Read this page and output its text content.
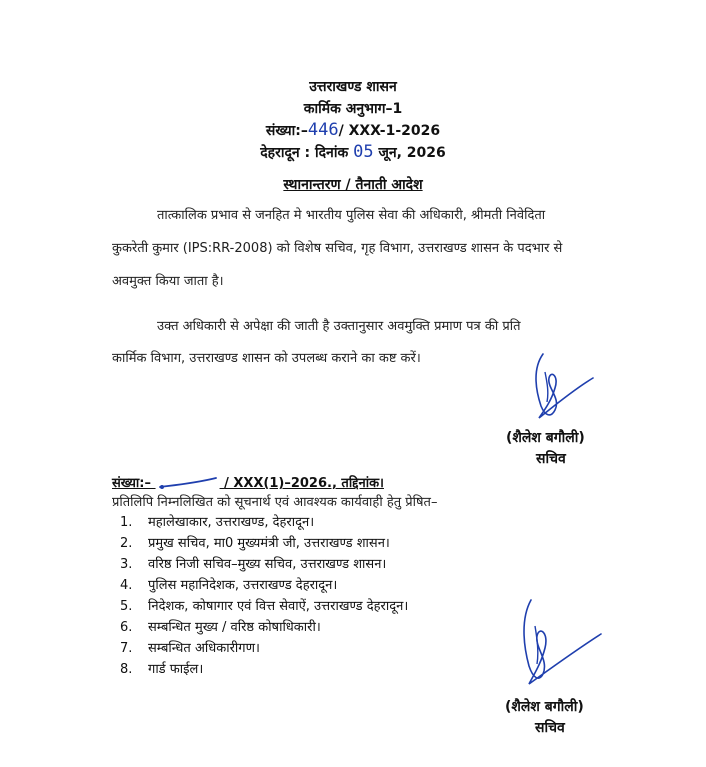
उत्तराखण्ड शासन
कार्मिक अनुभाग–1
संख्या:–446/ XXX-1-2026
देहरादून : दिनांक 05 जून, 2026
स्थानान्तरण / तैनाती आदेश
तात्कालिक प्रभाव से जनहित मे भारतीय पुलिस सेवा की अधिकारी, श्रीमती निवेदिता
कुकरेती कुमार (IPS:RR-2008) को विशेष सचिव, गृह विभाग, उत्तराखण्ड शासन के पदभार से
अवमुक्त किया जाता है।
उक्त अधिकारी से अपेक्षा की जाती है उक्तानुसार अवमुक्ति प्रमाण पत्र की प्रति
कार्मिक विभाग, उत्तराखण्ड शासन को उपलब्ध कराने का कष्ट करें।
(शैलेश बगौली)
सचिव
संख्या:–	/ XXX(1)–2026., तद्दिनांक।
प्रतिलिपि निम्नलिखित को सूचनार्थ एवं आवश्यक कार्यवाही हेतु प्रेषित–
1. महालेखाकार, उत्तराखण्ड, देहरादून।
2. प्रमुख सचिव, मा0 मुख्यमंत्री जी, उत्तराखण्ड शासन।
3. वरिष्ठ निजी सचिव–मुख्य सचिव, उत्तराखण्ड शासन।
4. पुलिस महानिदेशक, उत्तराखण्ड देहरादून।
5. निदेशक, कोषागार एवं वित्त सेवाऐं, उत्तराखण्ड देहरादून।
6. सम्बन्धित मुख्य / वरिष्ठ कोषाधिकारी।
7. सम्बन्धित अधिकारीगण।
8. गार्ड फाईल।
(शैलेश बगौली)
सचिव
